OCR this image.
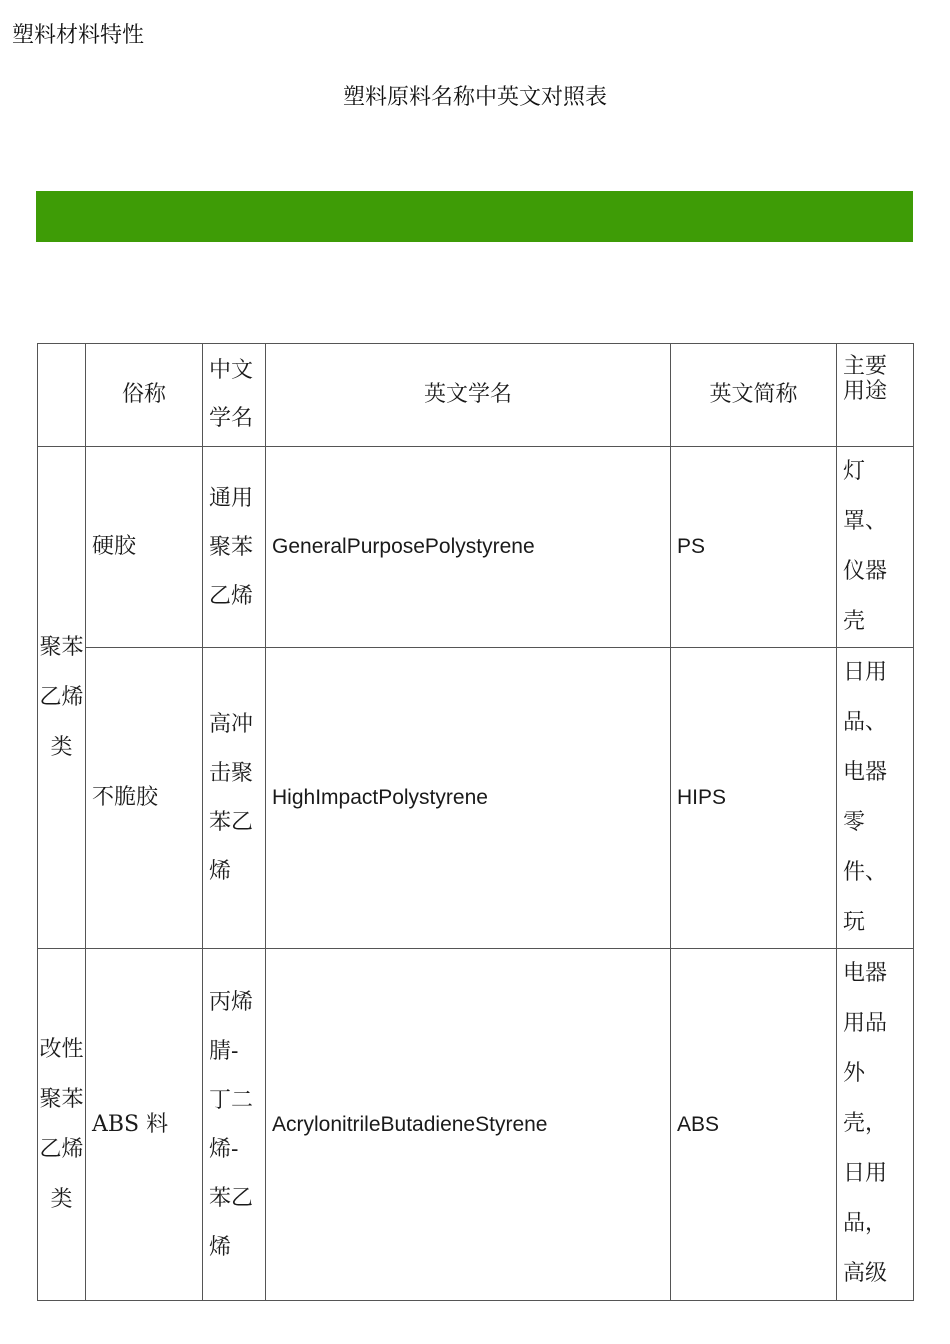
塑料材料特性
塑料原料名称中英文对照表
	俗称	中文学名	英文学名	英文简称	主要用途
聚苯乙烯类	硬胶	通用聚苯乙烯	GeneralPurposePolystyrene	PS	灯罩、仪器壳
	不脆胶	高冲击聚苯乙烯	HighImpactPolystyrene	HIPS	日用品、电器零件、玩
改性聚苯乙烯类	ABS 料	丙烯腈-丁二烯-苯乙烯	AcrylonitrileButadieneStyrene	ABS	电器用品外壳，日用品，高级
